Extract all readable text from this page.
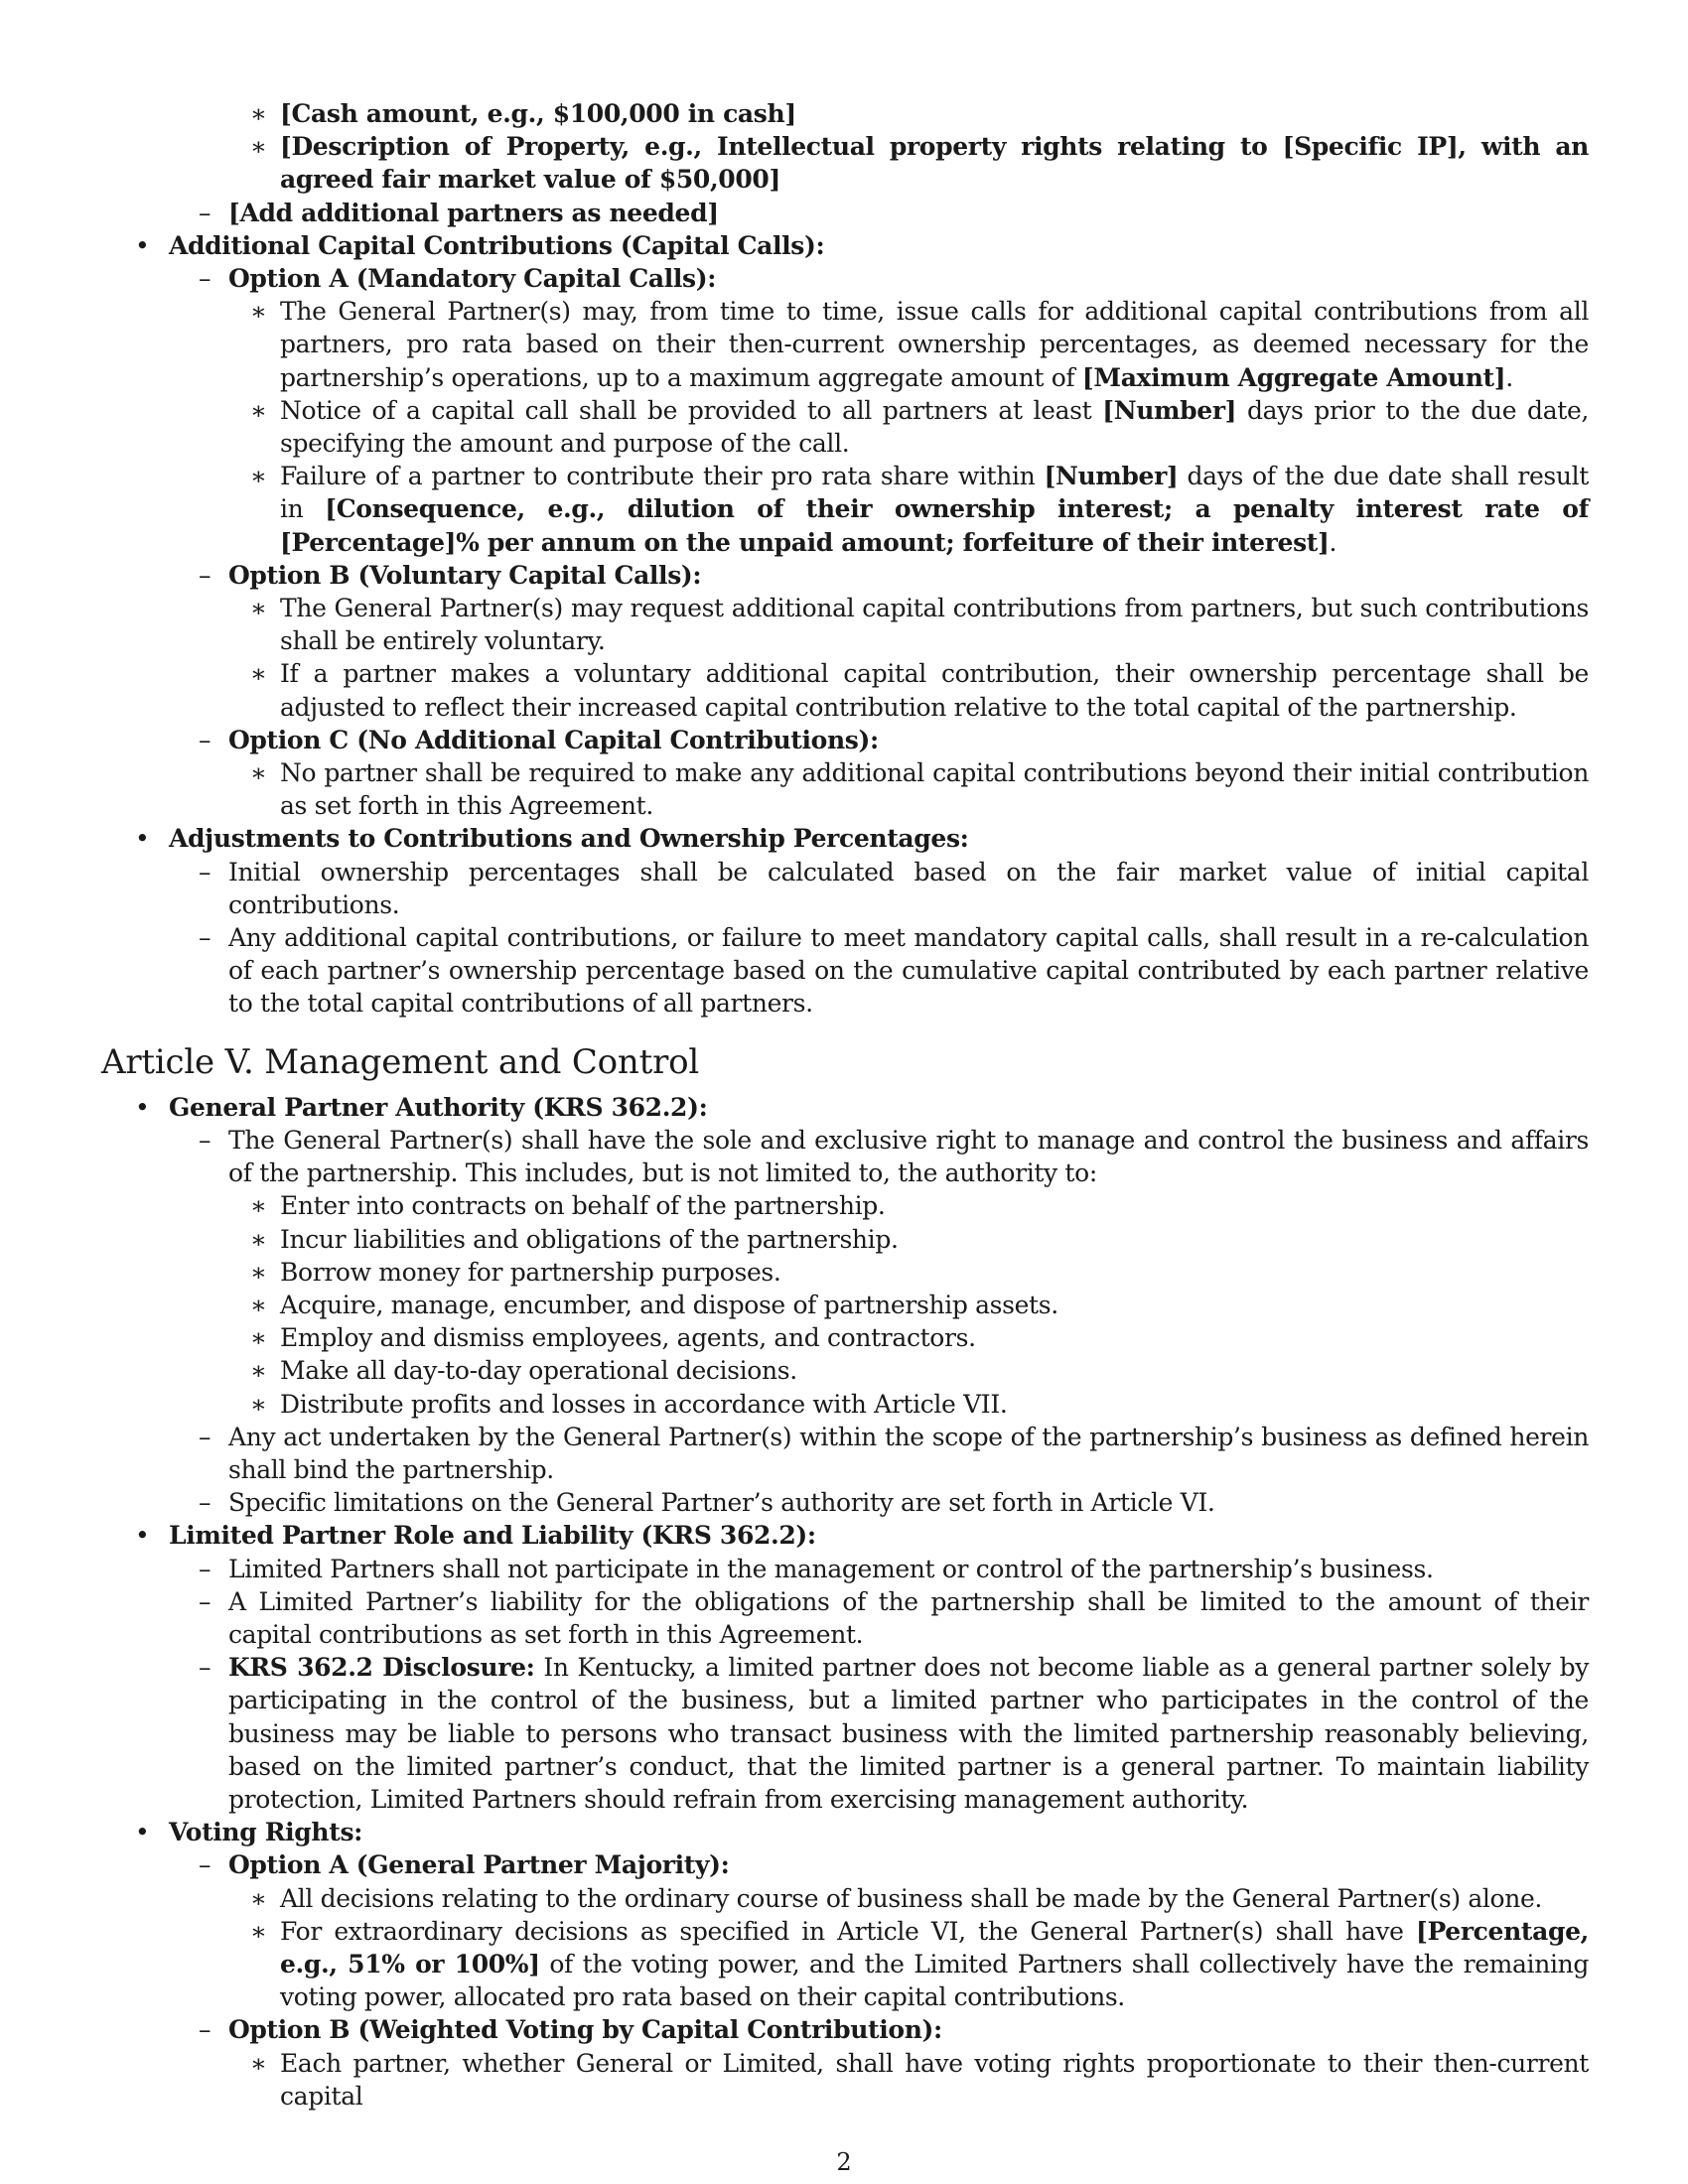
∗ [Cash amount, e.g., $100,000 in cash]

∗ [Description of Property, e.g., Intellectual property rights relating to [Specific IP], with an agreed fair market value of $50,000]

– [Add additional partners as needed]

• Additional Capital Contributions (Capital Calls):

– Option A (Mandatory Capital Calls):

∗ The General Partner(s) may, from time to time, issue calls for additional capital contributions from all partners, pro rata based on their then-current ownership percentages, as deemed necessary for the partnership’s operations, up to a maximum aggregate amount of [Maximum Aggregate Amount].

∗ Notice of a capital call shall be provided to all partners at least [Number] days prior to the due date, specifying the amount and purpose of the call.

∗ Failure of a partner to contribute their pro rata share within [Number] days of the due date shall result in [Consequence, e.g., dilution of their ownership interest; a penalty interest rate of [Percentage]% per annum on the unpaid amount; forfeiture of their interest].

– Option B (Voluntary Capital Calls):

∗ The General Partner(s) may request additional capital contributions from partners, but such contributions shall be entirely voluntary.

∗ If a partner makes a voluntary additional capital contribution, their ownership percentage shall be adjusted to reflect their increased capital contribution relative to the total capital of the partnership.

– Option C (No Additional Capital Contributions):

∗ No partner shall be required to make any additional capital contributions beyond their initial contribution as set forth in this Agreement.

• Adjustments to Contributions and Ownership Percentages:

– Initial ownership percentages shall be calculated based on the fair market value of initial capital contributions.

– Any additional capital contributions, or failure to meet mandatory capital calls, shall result in a re-calculation of each partner’s ownership percentage based on the cumulative capital contributed by each partner relative to the total capital contributions of all partners.

Article V. Management and Control

• General Partner Authority (KRS 362.2):

– The General Partner(s) shall have the sole and exclusive right to manage and control the business and affairs of the partnership. This includes, but is not limited to, the authority to:

∗ Enter into contracts on behalf of the partnership.

∗ Incur liabilities and obligations of the partnership.

∗ Borrow money for partnership purposes.

∗ Acquire, manage, encumber, and dispose of partnership assets.

∗ Employ and dismiss employees, agents, and contractors.

∗ Make all day-to-day operational decisions.

∗ Distribute profits and losses in accordance with Article VII.

– Any act undertaken by the General Partner(s) within the scope of the partnership’s business as defined herein shall bind the partnership.

– Specific limitations on the General Partner’s authority are set forth in Article VI.

• Limited Partner Role and Liability (KRS 362.2):

– Limited Partners shall not participate in the management or control of the partnership’s business.

– A Limited Partner’s liability for the obligations of the partnership shall be limited to the amount of their capital contributions as set forth in this Agreement.

– KRS 362.2 Disclosure: In Kentucky, a limited partner does not become liable as a general partner solely by participating in the control of the business, but a limited partner who participates in the control of the business may be liable to persons who transact business with the limited partnership reasonably believing, based on the limited partner’s conduct, that the limited partner is a general partner. To maintain liability protection, Limited Partners should refrain from exercising management authority.

• Voting Rights:

– Option A (General Partner Majority):

∗ All decisions relating to the ordinary course of business shall be made by the General Partner(s) alone.

∗ For extraordinary decisions as specified in Article VI, the General Partner(s) shall have [Percentage, e.g., 51% or 100%] of the voting power, and the Limited Partners shall collectively have the remaining voting power, allocated pro rata based on their capital contributions.

– Option B (Weighted Voting by Capital Contribution):

∗ Each partner, whether General or Limited, shall have voting rights proportionate to their then-current capital

2
